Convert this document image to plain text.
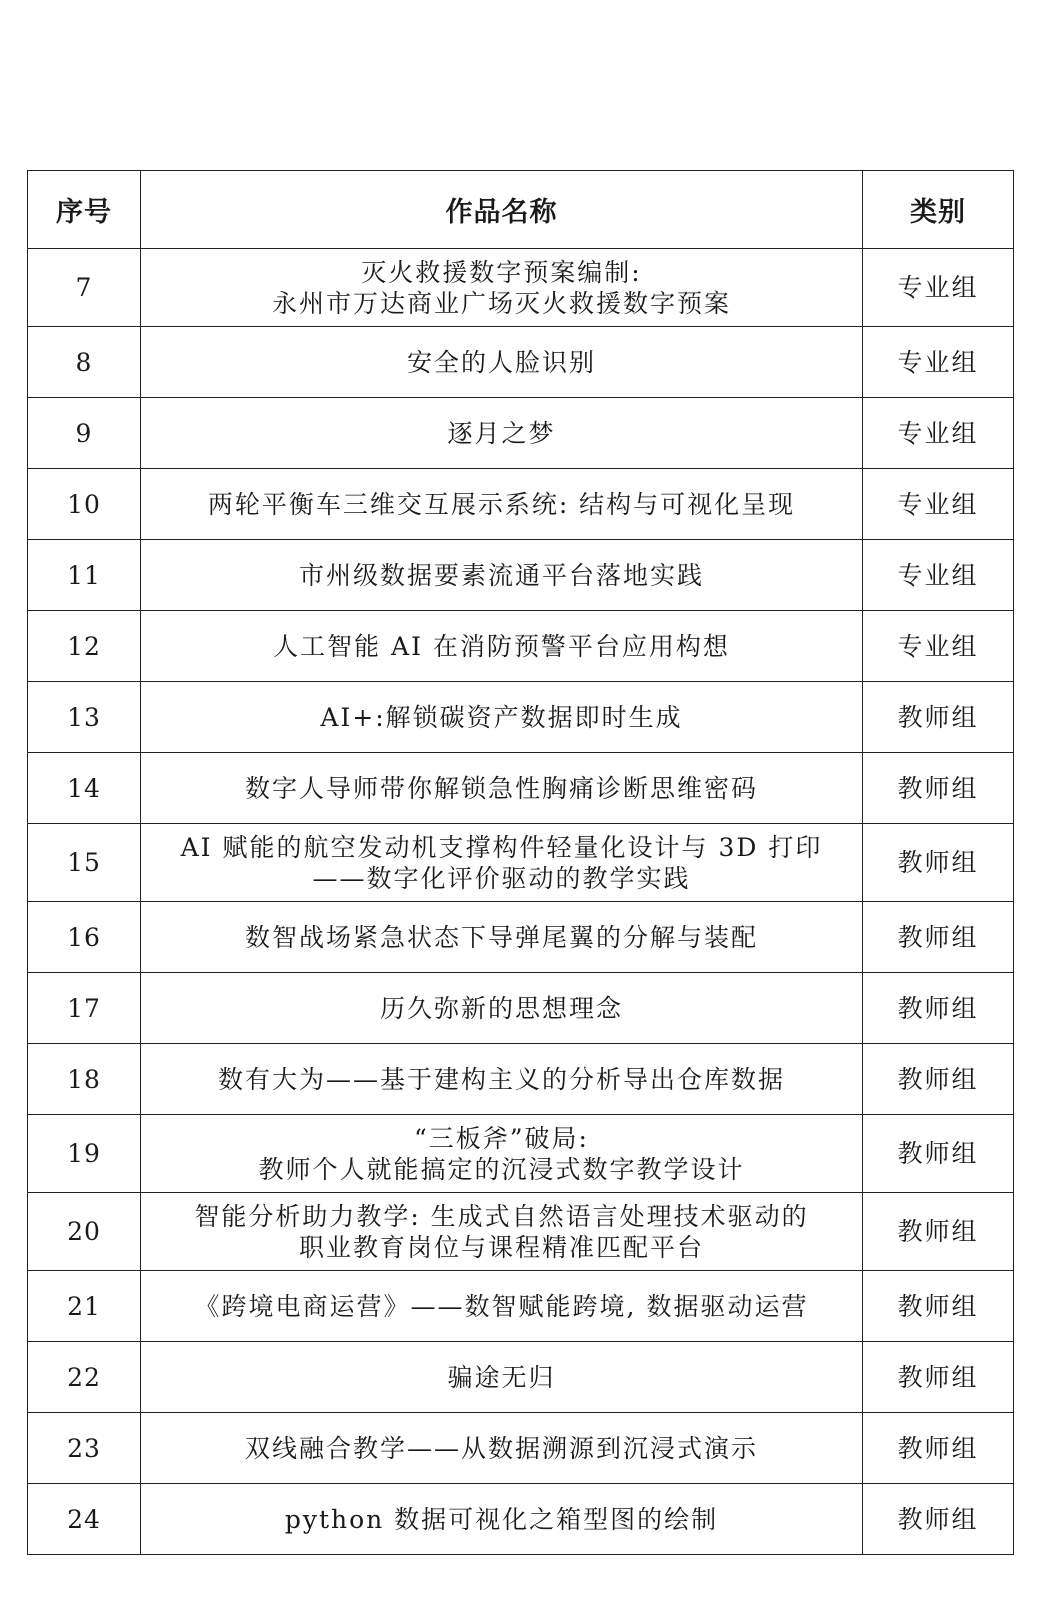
序号	作品名称	类别
7	灭火救援数字预案编制:
永州市万达商业广场灭火救援数字预案	专业组
8	安全的人脸识别	专业组
9	逐月之梦	专业组
10	两轮平衡车三维交互展示系统: 结构与可视化呈现	专业组
11	市州级数据要素流通平台落地实践	专业组
12	人工智能 AI 在消防预警平台应用构想	专业组
13	AI+:解锁碳资产数据即时生成	教师组
14	数字人导师带你解锁急性胸痛诊断思维密码	教师组
15	AI 赋能的航空发动机支撑构件轻量化设计与 3D 打印
——数字化评价驱动的教学实践	教师组
16	数智战场紧急状态下导弹尾翼的分解与装配	教师组
17	历久弥新的思想理念	教师组
18	数有大为——基于建构主义的分析导出仓库数据	教师组
19	“三板斧”破局:
教师个人就能搞定的沉浸式数字教学设计	教师组
20	智能分析助力教学: 生成式自然语言处理技术驱动的
职业教育岗位与课程精准匹配平台	教师组
21	《跨境电商运营》——数智赋能跨境, 数据驱动运营	教师组
22	骗途无归	教师组
23	双线融合教学——从数据溯源到沉浸式演示	教师组
24	python 数据可视化之箱型图的绘制	教师组
